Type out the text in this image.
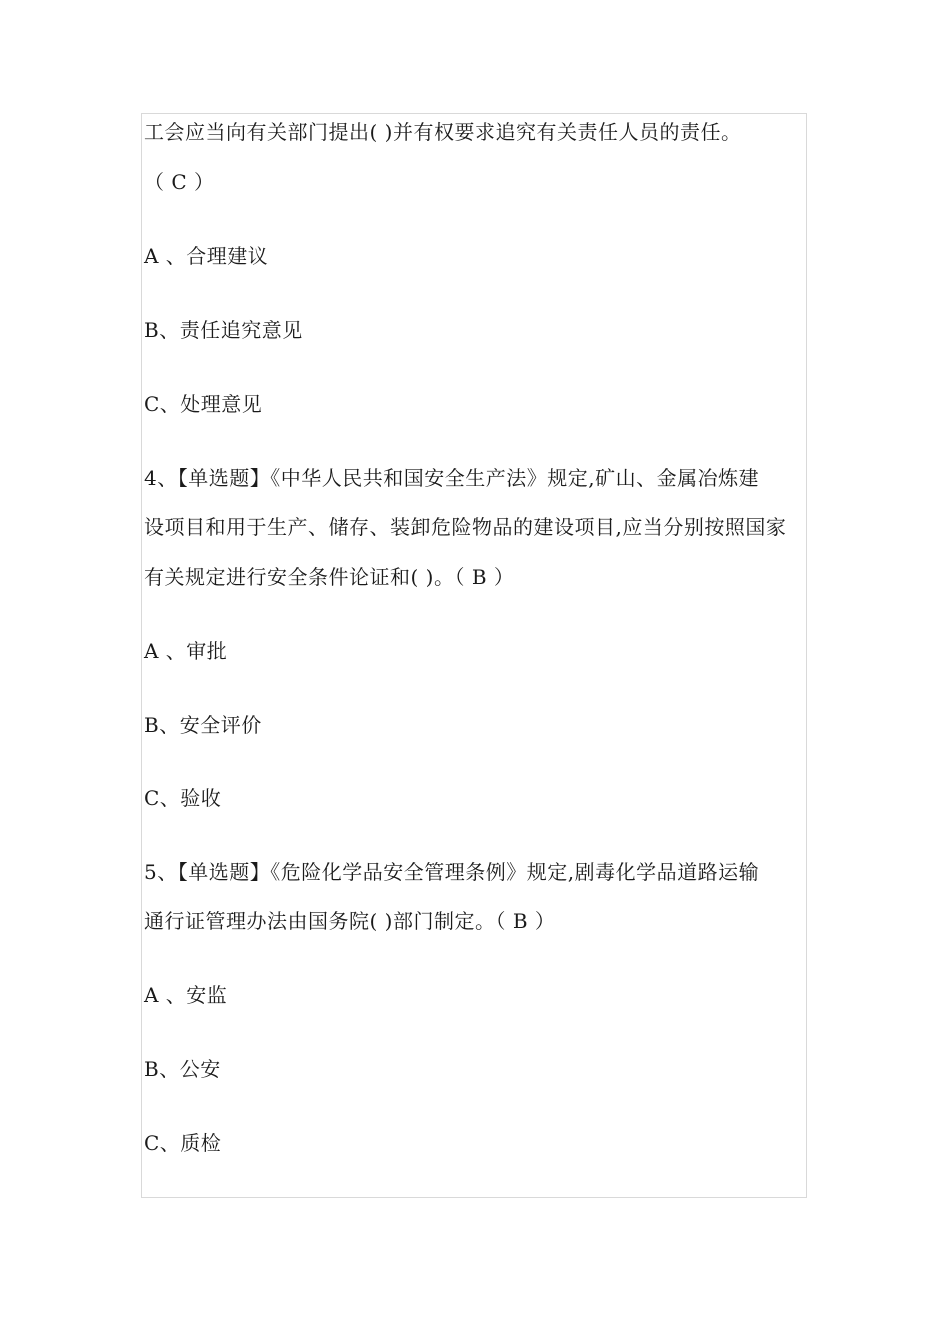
工会应当向有关部门提出( )并有权要求追究有关责任人员的责任。
（ C ）
A 、合理建议
B、责任追究意见
C、处理意见
4、【单选题】《中华人民共和国安全生产法》规定,矿山、金属冶炼建
设项目和用于生产、储存、装卸危险物品的建设项目,应当分别按照国家
有关规定进行安全条件论证和( )。（ B ）
A 、审批
B、安全评价
C、验收
5、【单选题】《危险化学品安全管理条例》规定,剧毒化学品道路运输
通行证管理办法由国务院( )部门制定。（ B ）
A 、安监
B、公安
C、质检
